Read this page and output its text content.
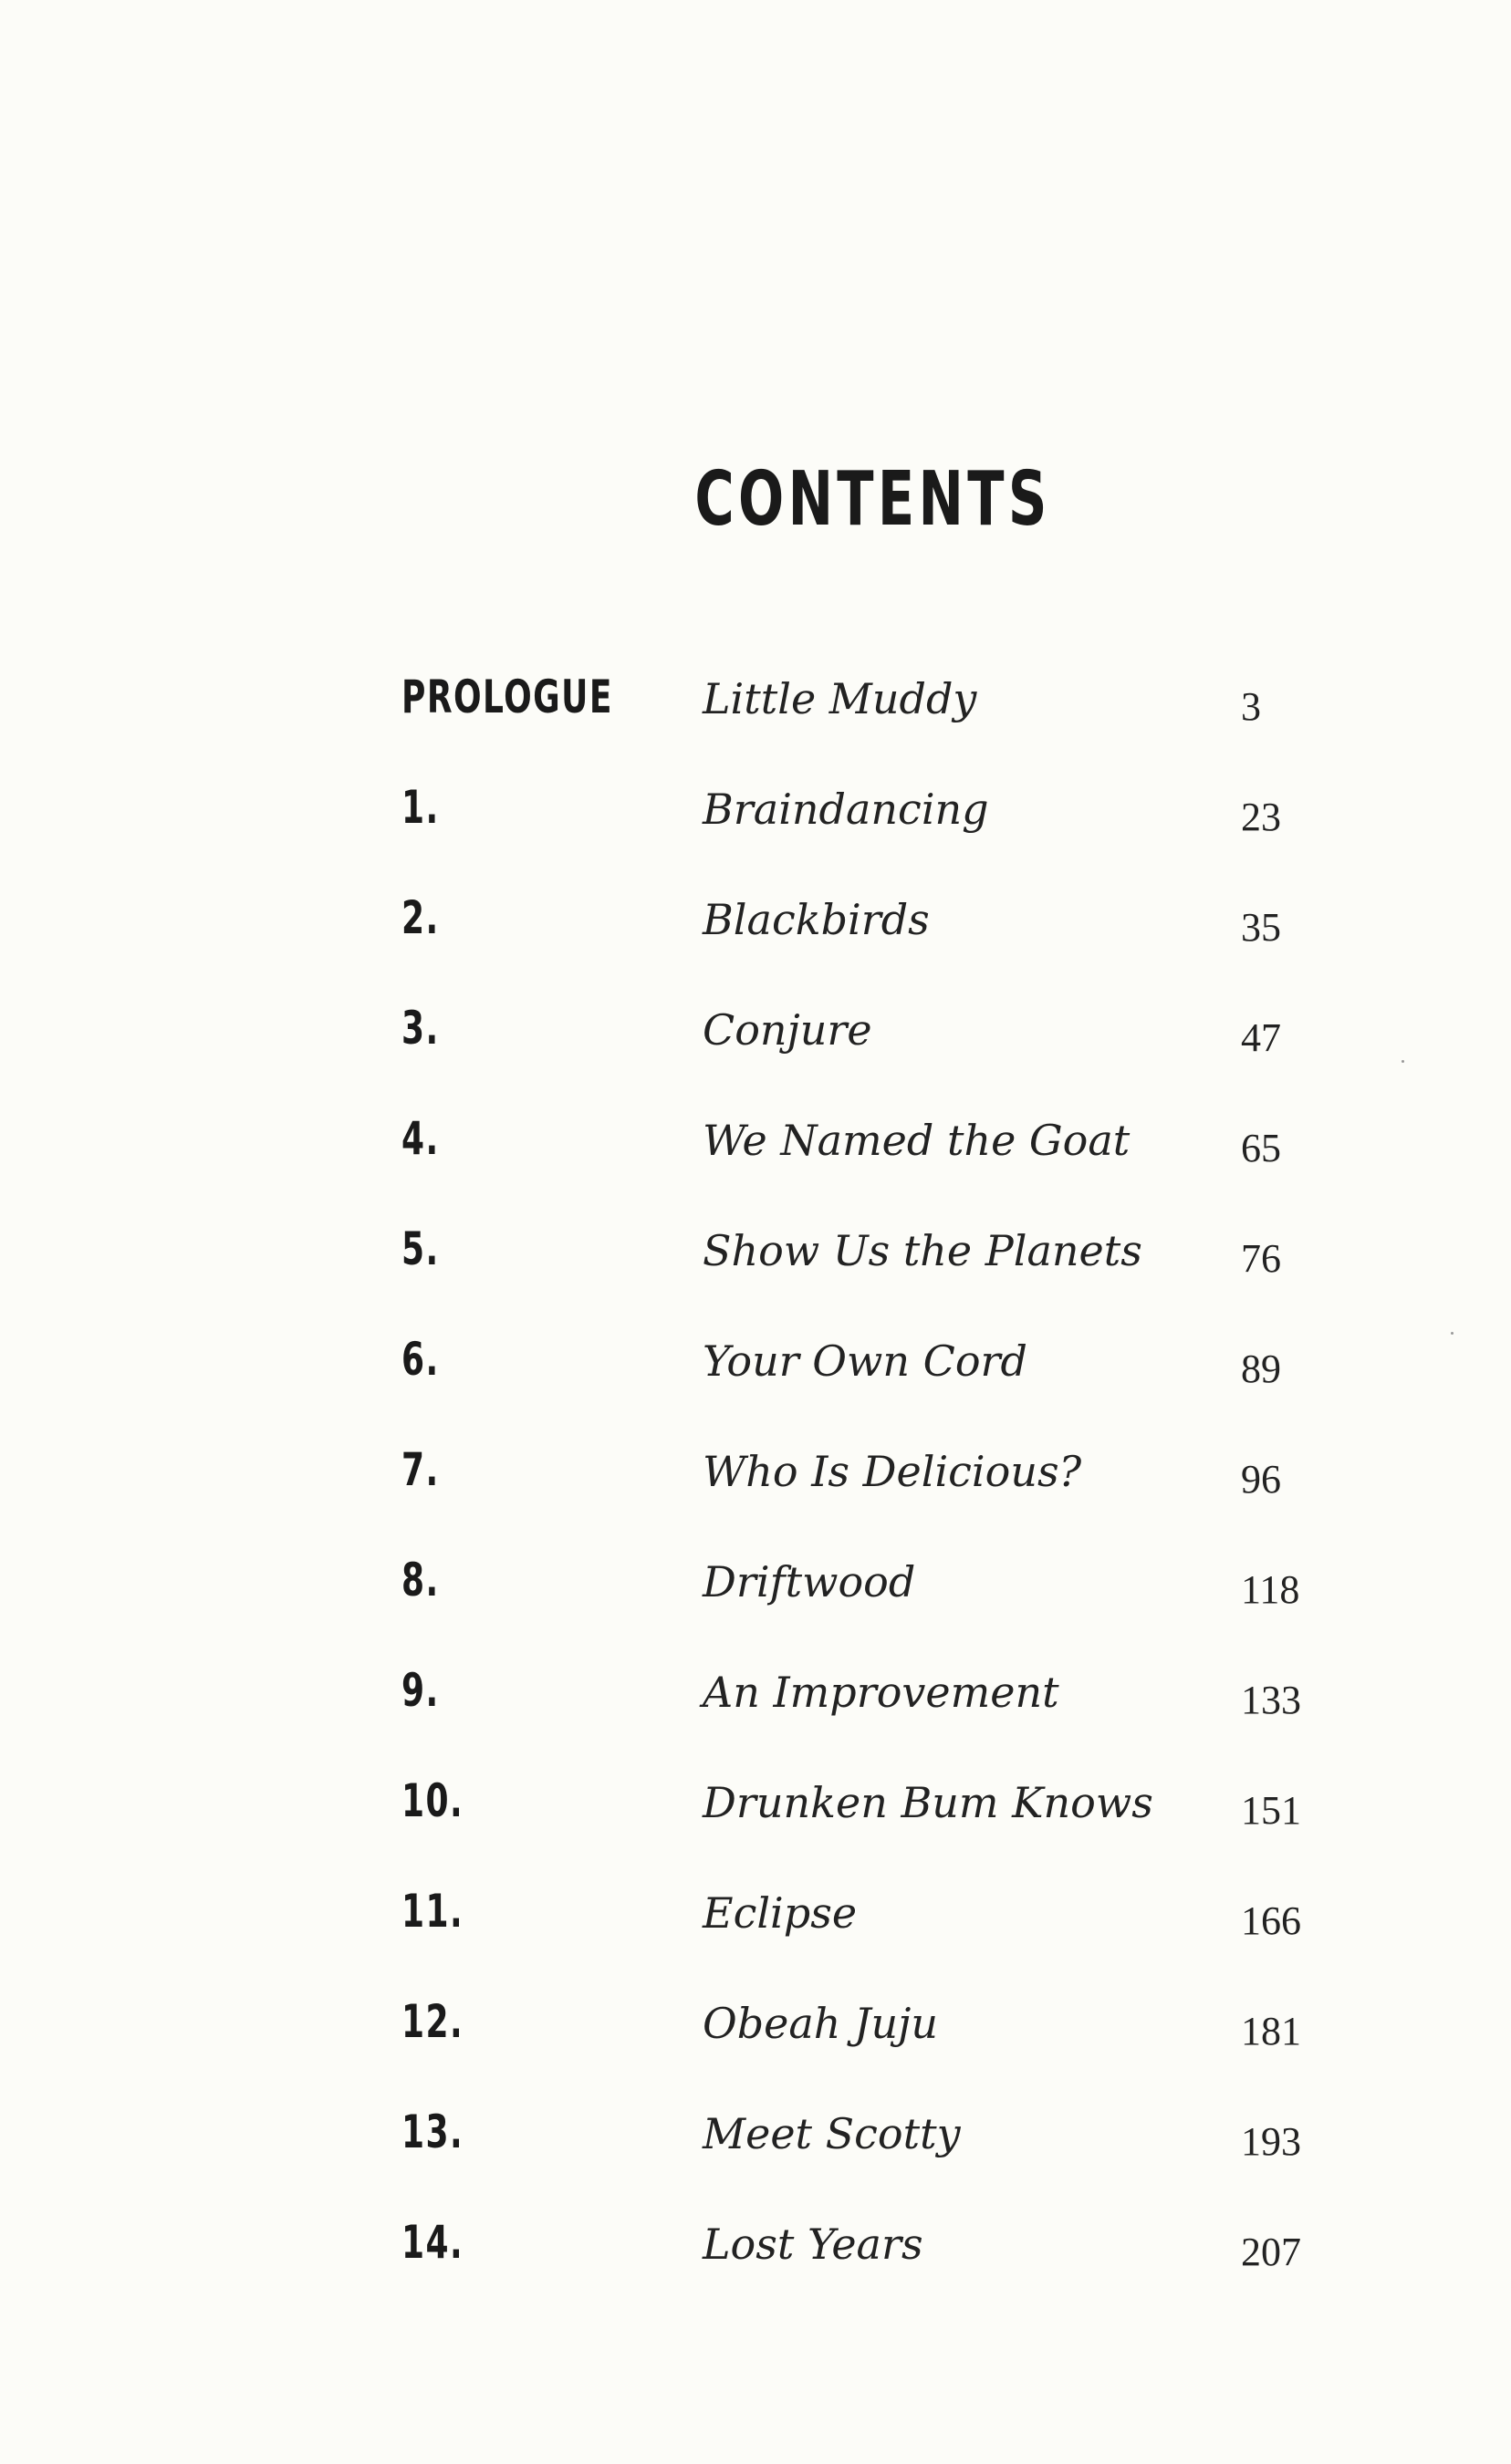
CONTENTS
PROLOGUE Little Muddy	3
1.	Braindancing	23
2.	Blackbirds	35
3.	Conjure	47
4.	We Named the Goat	65
5.	Show Us the Planets 76
6.	Your Own Cord	89
7.	Who Is Delicious?	96
8.	Driftwood	118
9.	An Improvement	133
10.	Drunken Bum Knows 151
11.	Eclipse	166
12.	Obeah Juju	181
13.	Meet Scotty	193
14.	Lost Years	207
